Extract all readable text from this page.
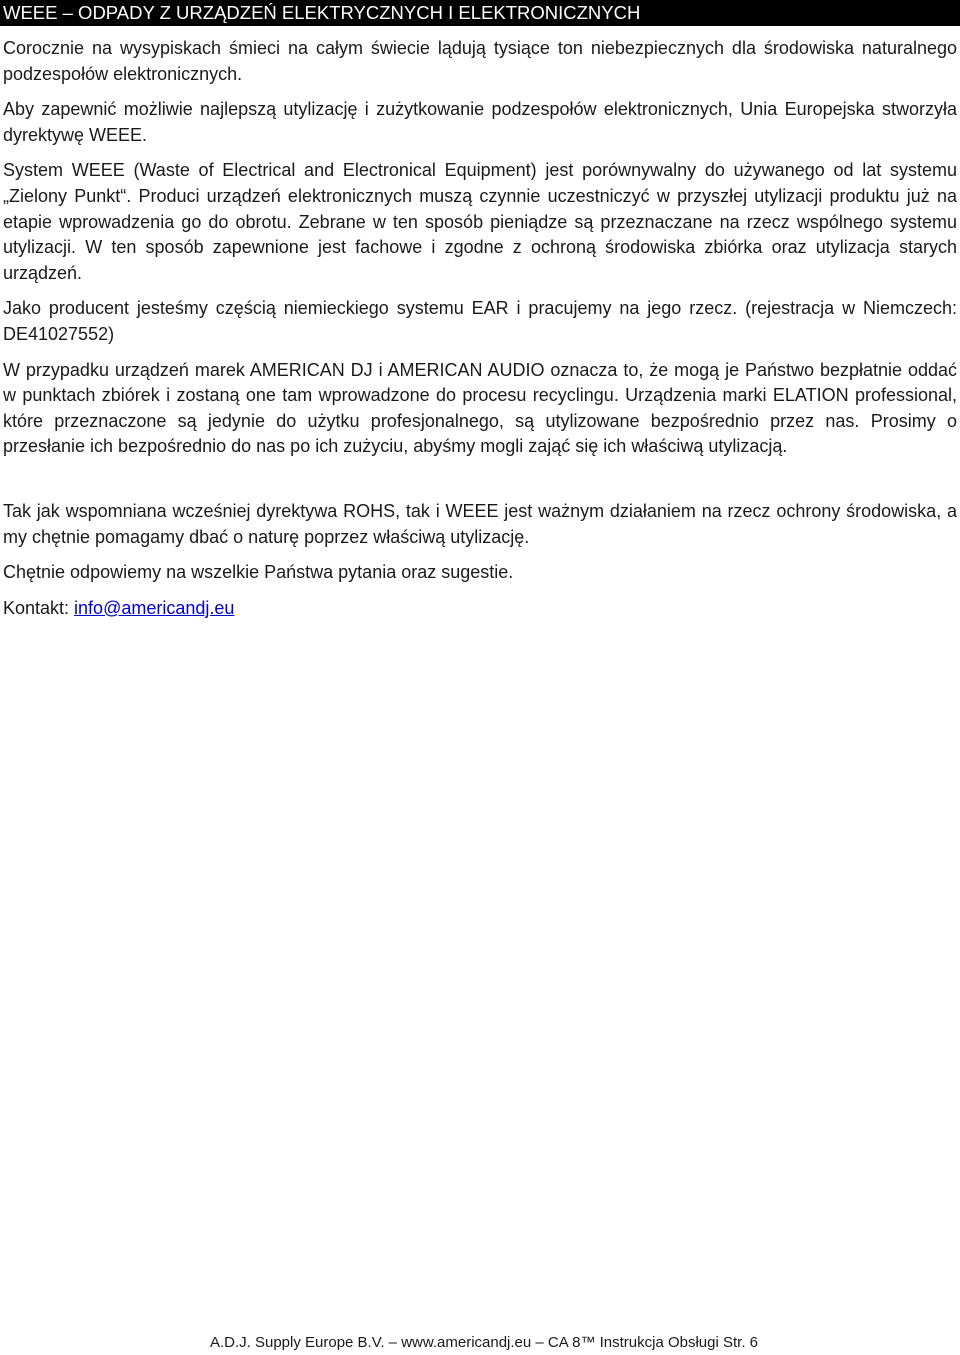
WEEE – ODPADY Z URZĄDZEŃ ELEKTRYCZNYCH I ELEKTRONICZNYCH

Corocznie na wysypiskach śmieci na całym świecie lądują tysiące ton niebezpiecznych dla środowiska naturalnego podzespołów elektronicznych.

Aby zapewnić możliwie najlepszą utylizację i zużytkowanie podzespołów elektronicznych, Unia Europejska stworzyła dyrektywę WEEE.

System WEEE (Waste of Electrical and Electronical Equipment) jest porównywalny do używanego od lat systemu „Zielony Punkt“. Produci urządzeń elektronicznych muszą czynnie uczestniczyć w przyszłej utylizacji produktu już na etapie wprowadzenia go do obrotu. Zebrane w ten sposób pieniądze są przeznaczane na rzecz wspólnego systemu utylizacji. W ten sposób zapewnione jest fachowe i zgodne z ochroną środowiska zbiórka oraz utylizacja starych urządzeń.

Jako producent jesteśmy częścią niemieckiego systemu EAR i pracujemy na jego rzecz. (rejestracja w Niemczech: DE41027552)

W przypadku urządzeń marek AMERICAN DJ i AMERICAN AUDIO oznacza to, że mogą je Państwo bezpłatnie oddać w punktach zbiórek i zostaną one tam wprowadzone do procesu recyclingu. Urządzenia marki ELATION professional, które przeznaczone są jedynie do użytku profesjonalnego, są utylizowane bezpośrednio przez nas. Prosimy o przesłanie ich bezpośrednio do nas po ich zużyciu, abyśmy mogli zająć się ich właściwą utylizacją.

Tak jak wspomniana wcześniej dyrektywa ROHS, tak i WEEE jest ważnym działaniem na rzecz ochrony środowiska, a my chętnie pomagamy dbać o naturę poprzez właściwą utylizację.

Chętnie odpowiemy na wszelkie Państwa pytania oraz sugestie.

Kontakt: info@americandj.eu

A.D.J. Supply Europe B.V. – www.americandj.eu – CA 8™ Instrukcja Obsługi Str. 6
